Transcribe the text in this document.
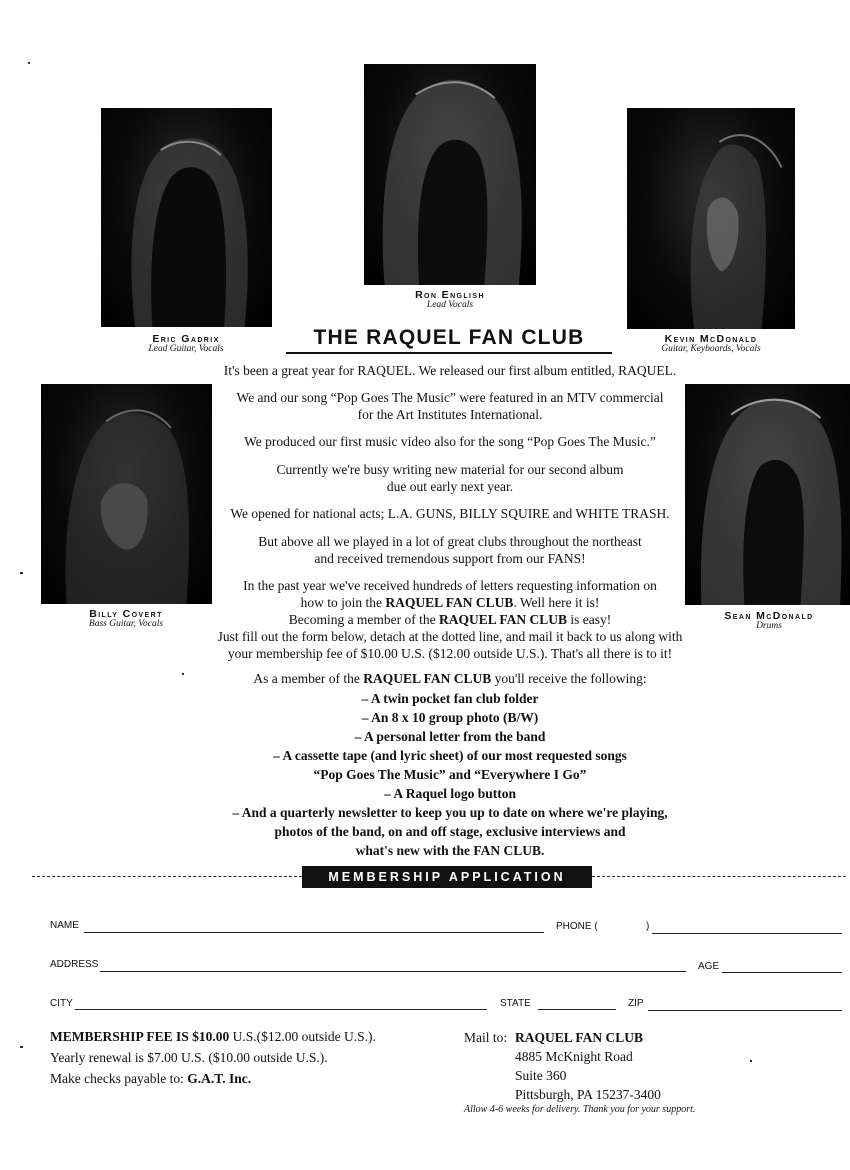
Eric Gadrix
Lead Guitar, Vocals
Ron English
Lead Vocals
Kevin McDonald
Guitar, Keyboards, Vocals
Billy Covert
Bass Guitar, Vocals
Sean McDonald
Drums
THE RAQUEL FAN CLUB
It's been a great year for RAQUEL. We released our first album entitled, RAQUEL.
We and our song “Pop Goes The Music” were featured in an MTV commercial
for the Art Institutes International.
We produced our first music video also for the song “Pop Goes The Music.”
Currently we're busy writing new material for our second album
due out early next year.
We opened for national acts; L.A. GUNS, BILLY SQUIRE and WHITE TRASH.
But above all we played in a lot of great clubs throughout the northeast
and received tremendous support from our FANS!
In the past year we've received hundreds of letters requesting information on
how to join the RAQUEL FAN CLUB. Well here it is!
Becoming a member of the RAQUEL FAN CLUB is easy!
Just fill out the form below, detach at the dotted line, and mail it back to us along with
your membership fee of $10.00 U.S. ($12.00 outside U.S.). That's all there is to it!
As a member of the RAQUEL FAN CLUB you'll receive the following:
– A twin pocket fan club folder
– An 8 x 10 group photo (B/W)
– A personal letter from the band
– A cassette tape (and lyric sheet) of our most requested songs
“Pop Goes The Music” and “Everywhere I Go”
– A Raquel logo button
– And a quarterly newsletter to keep you up to date on where we're playing,
photos of the band, on and off stage, exclusive interviews and
what's new with the FAN CLUB.
MEMBERSHIP APPLICATION
NAME	PHONE (	)
ADDRESS	AGE
CITY	STATE	ZIP
MEMBERSHIP FEE IS $10.00 U.S.($12.00 outside U.S.).
Yearly renewal is $7.00 U.S. ($10.00 outside U.S.).
Make checks payable to: G.A.T. Inc.
Mail to: RAQUEL FAN CLUB
4885 McKnight Road
Suite 360
Pittsburgh, PA 15237-3400
Allow 4-6 weeks for delivery. Thank you for your support.
